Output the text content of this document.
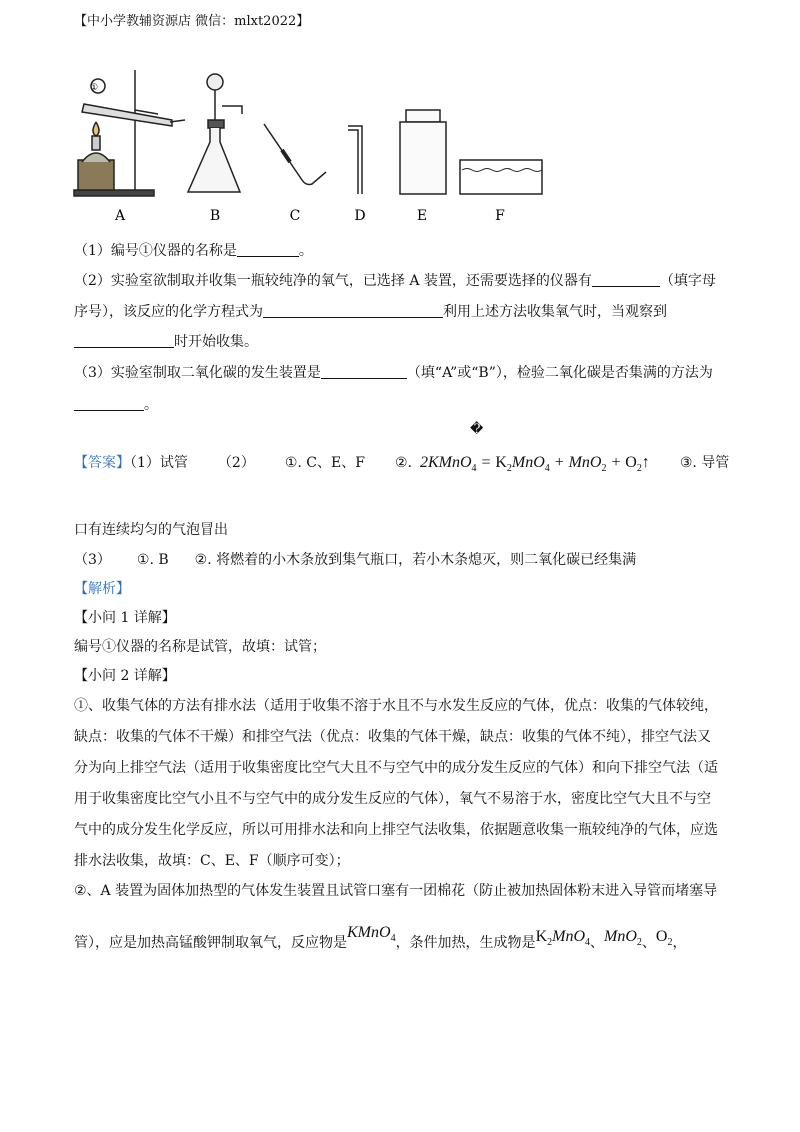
【中小学教辅资源店 微信：mlxt2022】
①
A	B	C	D	E	F
（1）编号①仪器的名称是	。
（2）实验室欲制取并收集一瓶较纯净的氧气，已选择 A 装置，还需要选择的仪器有	（填字母
序号），该反应的化学方程式为	利用上述方法收集氧气时，当观察到
时开始收集。
（3）实验室制取二氧化碳的发生装置是	（填“A”或“B”），检验二氧化碳是否集满的方法为
。
�
【答案】（1）试管 （2） ①. C、E、F ②. 2KMnO$_4$ = $K_2MnO_4 + MnO_2$ + $O_2↑$ ③. 导管
口有连续均匀的气泡冒出
（3） ①. B ②. 将燃着的小木条放到集气瓶口，若小木条熄灭，则二氧化碳已经集满
【解析】
【小问 1 详解】
编号①仪器的名称是试管，故填：试管；
【小问 2 详解】
①、收集气体的方法有排水法（适用于收集不溶于水且不与水发生反应的气体，优点：收集的气体较纯，
缺点：收集的气体不干燥）和排空气法（优点：收集的气体干燥，缺点：收集的气体不纯），排空气法又
分为向上排空气法（适用于收集密度比空气大且不与空气中的成分发生反应的气体）和向下排空气法（适
用于收集密度比空气小且不与空气中的成分发生反应的气体），氧气不易溶于水，密度比空气大且不与空
气中的成分发生化学反应，所以可用排水法和向上排空气法收集，依据题意收集一瓶较纯净的气体，应选
排水法收集，故填：C、E、F（顺序可变）；
②、A 装置为固体加热型的气体发生装置且试管口塞有一团棉花（防止被加热固体粉末进入导管而堵塞导
管），应是加热高锰酸钾制取氧气，反应物是KMnO$_4$，条件加热，生成物是$K_2MnO_4$、MnO$_2$、$O_2$，
